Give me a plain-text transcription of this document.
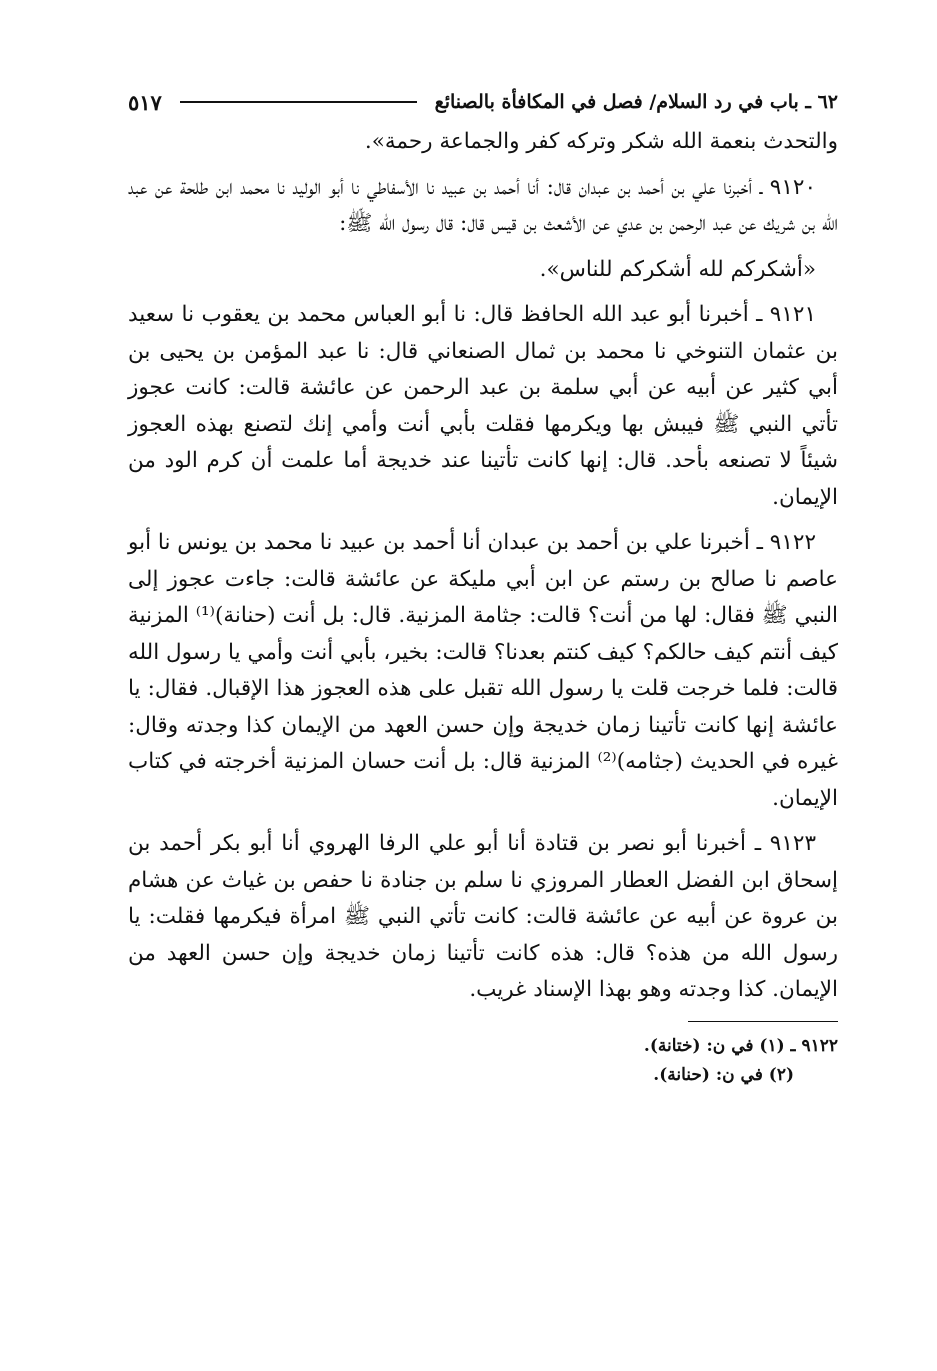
٦٢ ـ باب في رد السلام/ فصل في المكافأة بالصنائع
٥١٧

والتحدث بنعمة الله شكر وتركه كفر والجماعة رحمة».

٩١٢٠ ـ أخبرنا علي بن أحمد بن عبدان قال: أنا أحمد بن عبيد نا الأسفاطي نا أبو الوليد نا محمد ابن طلحة عن عبد الله بن شريك عن عبد الرحمن بن عدي عن الأشعث بن قيس قال: قال رسول الله ﷺ:

«أشكركم لله أشكركم للناس».

٩١٢١ ـ أخبرنا أبو عبد الله الحافظ قال: نا أبو العباس محمد بن يعقوب نا سعيد بن عثمان التنوخي نا محمد بن ثمال الصنعاني قال: نا عبد المؤمن بن يحيى بن أبي كثير عن أبيه عن أبي سلمة بن عبد الرحمن عن عائشة قالت: كانت عجوز تأتي النبي ﷺ فيبش بها ويكرمها فقلت بأبي أنت وأمي إنك لتصنع بهذه العجوز شيئاً لا تصنعه بأحد. قال: إنها كانت تأتينا عند خديجة أما علمت أن كرم الود من الإيمان.

٩١٢٢ ـ أخبرنا علي بن أحمد بن عبدان أنا أحمد بن عبيد نا محمد بن يونس نا أبو عاصم نا صالح بن رستم عن ابن أبي مليكة عن عائشة قالت: جاءت عجوز إلى النبي ﷺ فقال: لها من أنت؟ قالت: جثامة المزنية. قال: بل أنت (حنانة)⁽¹⁾ المزنية كيف أنتم كيف حالكم؟ كيف كنتم بعدنا؟ قالت: بخير، بأبي أنت وأمي يا رسول الله قالت: فلما خرجت قلت يا رسول الله تقبل على هذه العجوز هذا الإقبال. فقال: يا عائشة إنها كانت تأتينا زمان خديجة وإن حسن العهد من الإيمان كذا وجدته وقال: غيره في الحديث (جثامه)⁽²⁾ المزنية قال: بل أنت حسان المزنية أخرجته في كتاب الإيمان.

٩١٢٣ ـ أخبرنا أبو نصر بن قتادة أنا أبو علي الرفا الهروي أنا أبو بكر أحمد بن إسحاق ابن الفضل العطار المروزي نا سلم بن جنادة نا حفص بن غياث عن هشام بن عروة عن أبيه عن عائشة قالت: كانت تأتي النبي ﷺ امرأة فيكرمها فقلت: يا رسول الله من هذه؟ قال: هذه كانت تأتينا زمان خديجة وإن حسن العهد من الإيمان. كذا وجدته وهو بهذا الإسناد غريب.

٩١٢٢ ـ (١) في ن: (ختانة).
(٢) في ن: (حنانة).
